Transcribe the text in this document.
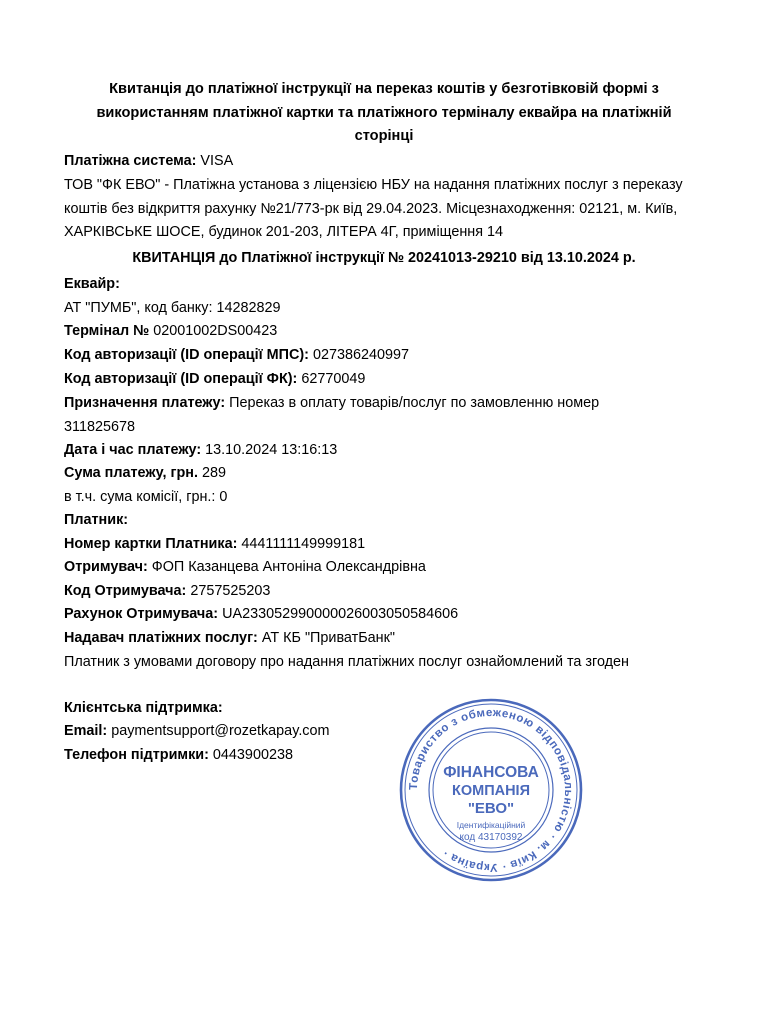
Квитанція до платіжної інструкції на переказ коштів у безготівковій формі з використанням платіжної картки та платіжного терміналу еквайра на платіжній сторінці
Платіжна система: VISA
ТОВ "ФК ЕВО" - Платіжна установа з ліцензією НБУ на надання платіжних послуг з переказу коштів без відкриття рахунку №21/773-рк від 29.04.2023. Місцезнаходження: 02121, м. Київ, ХАРКІВСЬКЕ ШОСЕ, будинок 201-203, ЛІТЕРА 4Г, приміщення 14
КВИТАНЦІЯ до Платіжної інструкції № 20241013-29210 від 13.10.2024 р.
Еквайр:
АТ "ПУМБ", код банку: 14282829
Термінал № 02001002DS00423
Код авторизації (ID операції МПС): 027386240997
Код авторизації (ID операції ФК): 62770049
Призначення платежу: Переказ в оплату товарів/послуг по замовленню номер 311825678
Дата і час платежу: 13.10.2024 13:16:13
Сума платежу, грн. 289
в т.ч. сума комісії, грн.: 0
Платник:
Номер картки Платника: 4441111149999181
Отримувач: ФОП Казанцева Антоніна Олександрівна
Код Отримувача: 2757525203
Рахунок Отримувача: UA233052990000026003050584606
Надавач платіжних послуг: АТ КБ "ПриватБанк"
Платник з умовами договору про надання платіжних послуг ознайомлений та згоден
Клієнтська підтримка:
Email: paymentsupport@rozetkapay.com
Телефон підтримки: 0443900238
Товариство з обмеженою відповідальністю · м. Київ · Україна ·
ФІНАНСОВА
КОМПАНІЯ
"ЕВО"
Ідентифікаційний
код 43170392
